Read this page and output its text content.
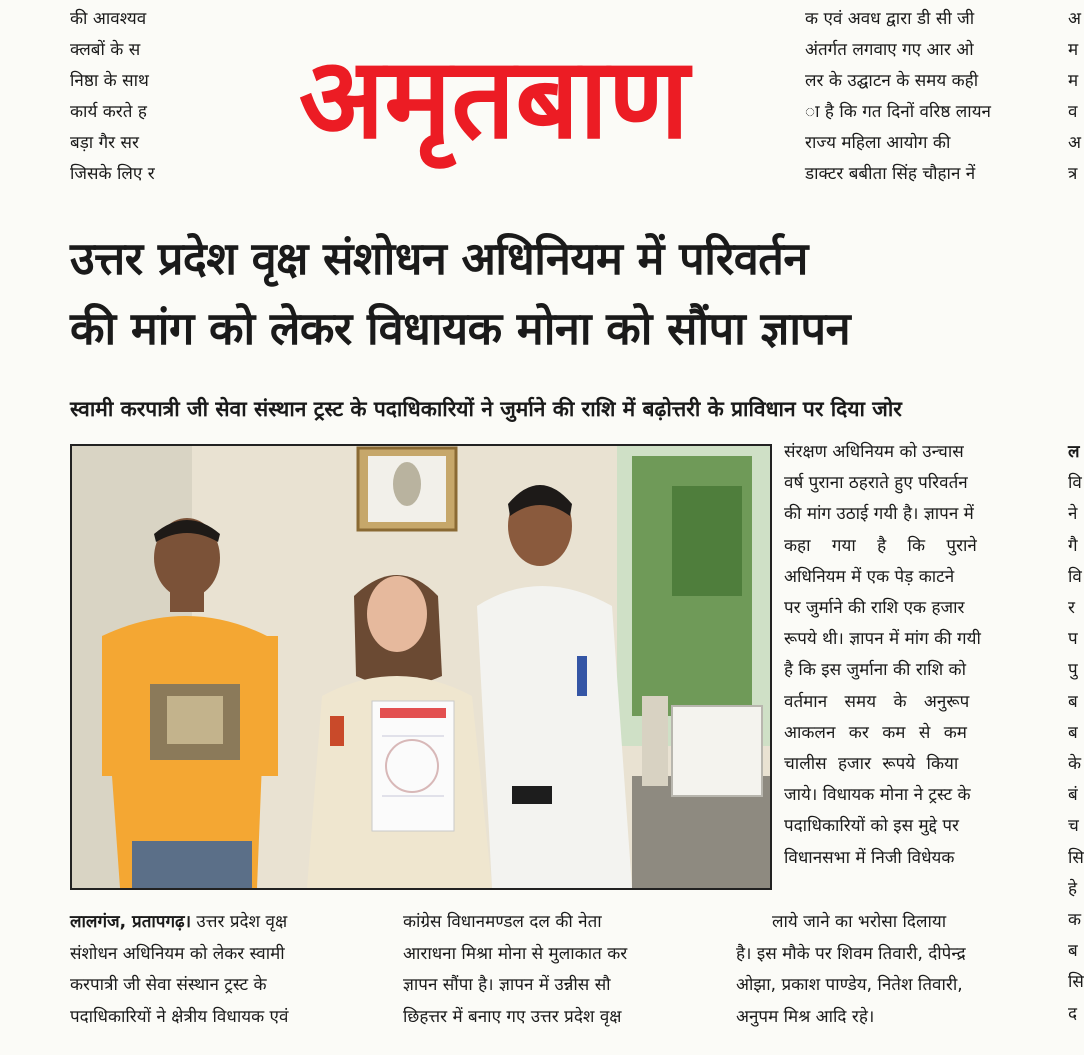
की आवश्यव
क्लबों के स
निष्ठा के साथ
कार्य करते ह
बड़ा गैर सर
जिसके लिए र
क एवं अवध द्वारा डी सी जी
अंतर्गत लगवाए गए आर ओ
लर के उद्घाटन के समय कही
ा है कि गत दिनों वरिष्ठ लायन
राज्य महिला आयोग की
डाक्टर बबीता सिंह चौहान नें
अ
म
म
व
अ
त्र
अमृतबाण
उत्तर प्रदेश वृक्ष संशोधन अधिनियम में परिवर्तन
की मांग को लेकर विधायक मोना को सौंपा ज्ञापन
स्वामी करपात्री जी सेवा संस्थान ट्रस्ट के पदाधिकारियों ने जुर्माने की राशि में बढ़ोत्तरी के प्राविधान पर दिया जोर
संरक्षण अधिनियम को उन्चास
वर्ष पुराना ठहराते हुए परिवर्तन
की मांग उठाई गयी है। ज्ञापन में
कहा गया है कि पुराने
अधिनियम में एक पेड़ काटने
पर जुर्माने की राशि एक हजार
रूपये थी। ज्ञापन में मांग की गयी
है कि इस जुर्माना की राशि को
वर्तमान समय के अनुरूप
आकलन कर कम से कम
चालीस हजार रूपये किया
जाये। विधायक मोना ने ट्रस्ट के
पदाधिकारियों को इस मुद्दे पर
विधानसभा में निजी विधेयक
ल
वि
ने
गै
वि
र
प
पु
ब
ब
के
बं
च
सि
हे
क
ब
सि
द
लालगंज, प्रतापगढ़। उत्तर प्रदेश वृक्ष
संशोधन अधिनियम को लेकर स्वामी
करपात्री जी सेवा संस्थान ट्रस्ट के
पदाधिकारियों ने क्षेत्रीय विधायक एवं
कांग्रेस विधानमण्डल दल की नेता
आराधना मिश्रा मोना से मुलाकात कर
ज्ञापन सौंपा है। ज्ञापन में उन्नीस सौ
छिहत्तर में बनाए गए उत्तर प्रदेश वृक्ष
लाये जाने का भरोसा दिलाया
है। इस मौके पर शिवम तिवारी, दीपेन्द्र
ओझा, प्रकाश पाण्डेय, नितेश तिवारी,
अनुपम मिश्र आदि रहे।
